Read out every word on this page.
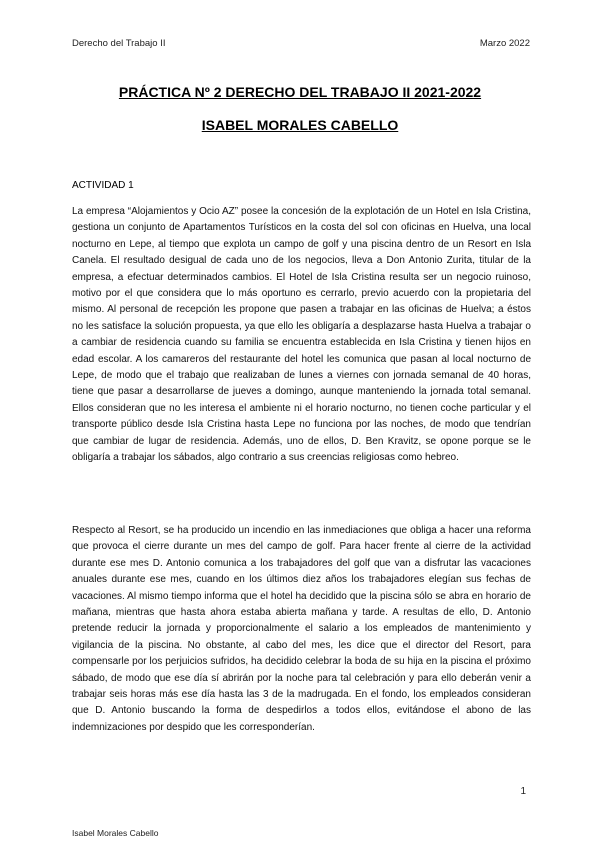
Derecho del Trabajo II	Marzo 2022
PRÁCTICA Nº 2 DERECHO DEL TRABAJO II 2021-2022
ISABEL MORALES CABELLO
ACTIVIDAD 1

La empresa “Alojamientos y Ocio AZ” posee la concesión de la explotación de un Hotel en Isla Cristina, gestiona un conjunto de Apartamentos Turísticos en la costa del sol con oficinas en Huelva, una local nocturno en Lepe, al tiempo que explota un campo de golf y una piscina dentro de un Resort en Isla Canela. El resultado desigual de cada uno de los negocios, lleva a Don Antonio Zurita, titular de la empresa, a efectuar determinados cambios. El Hotel de Isla Cristina resulta ser un negocio ruinoso, motivo por el que considera que lo más oportuno es cerrarlo, previo acuerdo con la propietaria del mismo. Al personal de recepción les propone que pasen a trabajar en las oficinas de Huelva; a éstos no les satisface la solución propuesta, ya que ello les obligaría a desplazarse hasta Huelva a trabajar o a cambiar de residencia cuando su familia se encuentra establecida en Isla Cristina y tienen hijos en edad escolar. A los camareros del restaurante del hotel les comunica que pasan al local nocturno de Lepe, de modo que el trabajo que realizaban de lunes a viernes con jornada semanal de 40 horas, tiene que pasar a desarrollarse de jueves a domingo, aunque manteniendo la jornada total semanal. Ellos consideran que no les interesa el ambiente ni el horario nocturno, no tienen coche particular y el transporte público desde Isla Cristina hasta Lepe no funciona por las noches, de modo que tendrían que cambiar de lugar de residencia. Además, uno de ellos, D. Ben Kravitz, se opone porque se le obligaría a trabajar los sábados, algo contrario a sus creencias religiosas como hebreo.

Respecto al Resort, se ha producido un incendio en las inmediaciones que obliga a hacer una reforma que provoca el cierre durante un mes del campo de golf. Para hacer frente al cierre de la actividad durante ese mes D. Antonio comunica a los trabajadores del golf que van a disfrutar las vacaciones anuales durante ese mes, cuando en los últimos diez años los trabajadores elegían sus fechas de vacaciones. Al mismo tiempo informa que el hotel ha decidido que la piscina sólo se abra en horario de mañana, mientras que hasta ahora estaba abierta mañana y tarde. A resultas de ello, D. Antonio pretende reducir la jornada y proporcionalmente el salario a los empleados de mantenimiento y vigilancia de la piscina. No obstante, al cabo del mes, les dice que el director del Resort, para compensarle por los perjuicios sufridos, ha decidido celebrar la boda de su hija en la piscina el próximo sábado, de modo que ese día sí abrirán por la noche para tal celebración y para ello deberán venir a trabajar seis horas más ese día hasta las 3 de la madrugada. En el fondo, los empleados consideran que D. Antonio buscando la forma de despedirlos a todos ellos, evitándose el abono de las indemnizaciones por despido que les corresponderían.

1
Isabel Morales Cabello
